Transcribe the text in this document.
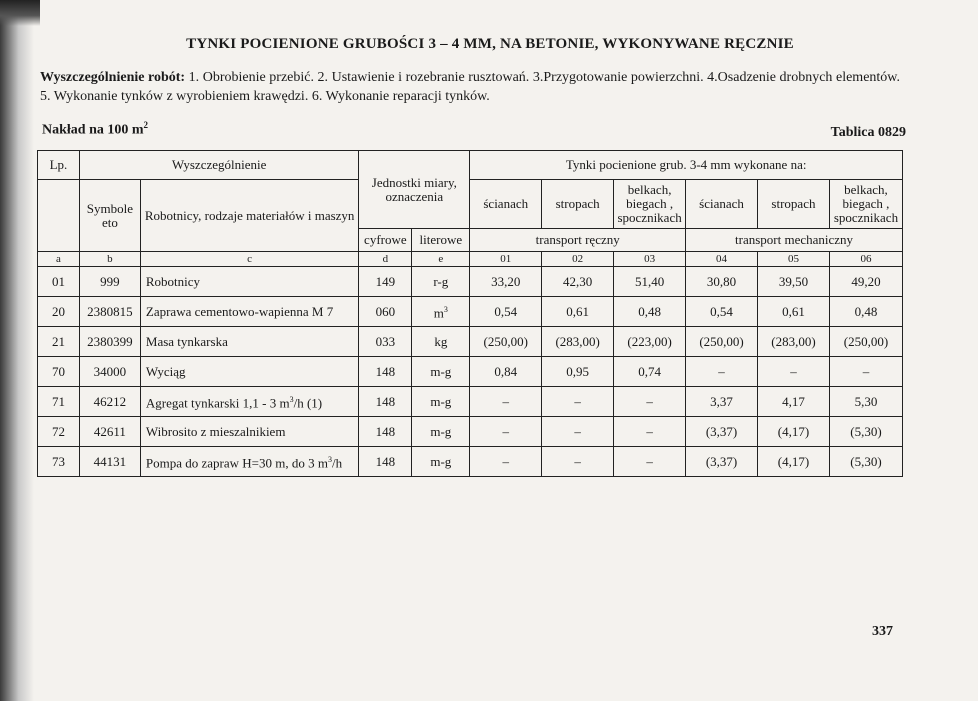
TYNKI POCIENIONE GRUBOŚCI 3 – 4 MM, NA BETONIE, WYKONYWANE RĘCZNIE
Wyszczególnienie robót: 1. Obrobienie przebić. 2. Ustawienie i rozebranie rusztowań. 3.Przygotowanie powierzchni. 4.Osadzenie drobnych elementów. 5. Wykonanie tynków z wyrobieniem krawędzi. 6. Wykonanie reparacji tynków.
Nakład na 100 $m^2$	Tablica 0829
Lp.	Wyszczególnienie		Jednostki miary, oznaczenia		Tynki pocienione grub. 3-4 mm wykonane na:					
	Symbole eto	Robotnicy, rodzaje materiałów i maszyn			ścianach	stropach	belkach, biegach , spocznikach	ścianach	stropach	belkach, biegach , spocznikach
			cyfrowe	literowe	transport ręczny			transport mechaniczny		
a	b	c	d	e	01	02	03	04	05	06
01	999	Robotnicy	149	r-g	33,20	42,30	51,40	30,80	39,50	49,20
20	2380815	Zaprawa cementowo-wapienna M 7	060	$m^3$	0,54	0,61	0,48	0,54	0,61	0,48
21	2380399	Masa tynkarska	033	kg	(250,00)	(283,00)	(223,00)	(250,00)	(283,00)	(250,00)
70	34000	Wyciąg	148	m-g	0,84	0,95	0,74	–	–	–
71	46212	Agregat tynkarski 1,1 - 3 $m^3/h$ (1)	148	m-g	–	–	–	3,37	4,17	5,30
72	42611	Wibrosito z mieszalnikiem	148	m-g	–	–	–	(3,37)	(4,17)	(5,30)
73	44131	Pompa do zapraw H=30 m, do 3 $m^3/h$	148	m-g	–	–	–	(3,37)	(4,17)	(5,30)
337
